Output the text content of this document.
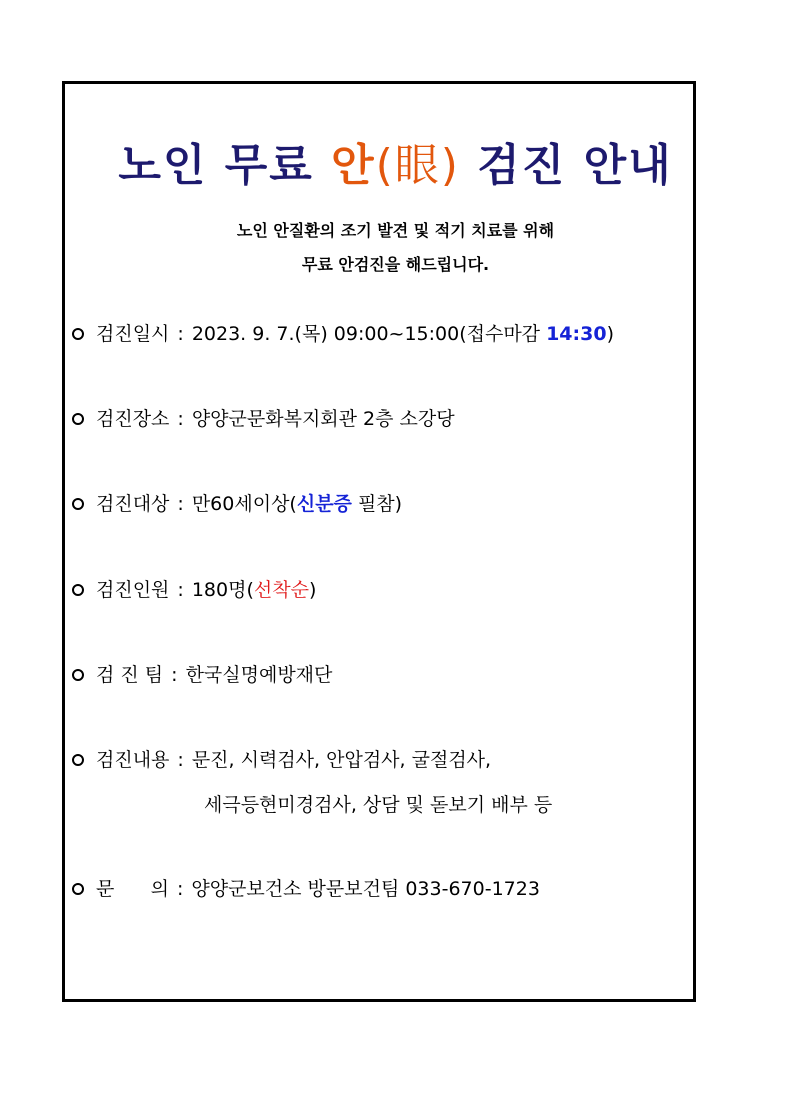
노인 무료 안(眼) 검진 안내
노인 안질환의 조기 발견 및 적기 치료를 위해
무료 안검진을 해드립니다.
검진일시 : 2023. 9. 7.(목) 09:00~15:00(접수마감 14:30)
검진장소 : 양양군문화복지회관 2층 소강당
검진대상 : 만60세이상(신분증 필참)
검진인원 : 180명(선착순)
검 진 팀 : 한국실명예방재단
검진내용 : 문진, 시력검사, 안압검사, 굴절검사,
세극등현미경검사, 상담 및 돋보기 배부 등
문      의 : 양양군보건소 방문보건팀 033-670-1723
